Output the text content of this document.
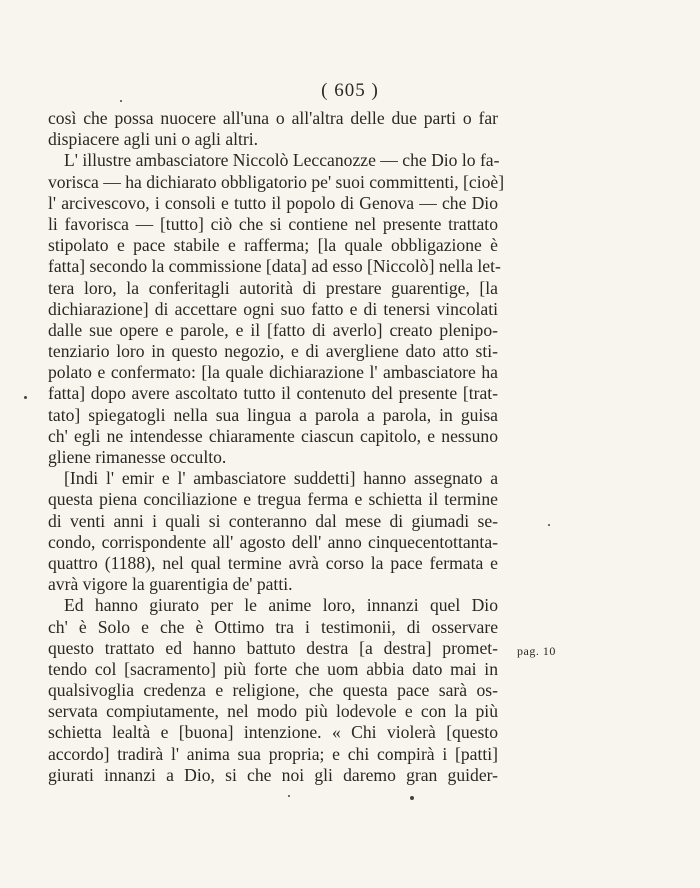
( 605 )
così che possa nuocere all'una o all'altra delle due parti o far
dispiacere agli uni o agli altri.
L' illustre ambasciatore Niccolò Leccanozze — che Dio lo fa-
vorisca — ha dichiarato obbligatorio pe' suoi committenti, [cioè]
l' arcivescovo, i consoli e tutto il popolo di Genova — che Dio
li favorisca — [tutto] ciò che si contiene nel presente trattato
stipolato e pace stabile e rafferma; [la quale obbligazione è
fatta] secondo la commissione [data] ad esso [Niccolò] nella let-
tera loro, la conferitagli autorità di prestare guarentige, [la
dichiarazione] di accettare ogni suo fatto e di tenersi vincolati
dalle sue opere e parole, e il [fatto di averlo] creato plenipo-
tenziario loro in questo negozio, e di avergliene dato atto sti-
polato e confermato: [la quale dichiarazione l' ambasciatore ha
fatta] dopo avere ascoltato tutto il contenuto del presente [trat-
tato] spiegatogli nella sua lingua a parola a parola, in guisa
ch' egli ne intendesse chiaramente ciascun capitolo, e nessuno
gliene rimanesse occulto.
[Indi l' emir e l' ambasciatore suddetti] hanno assegnato a
questa piena conciliazione e tregua ferma e schietta il termine
di venti anni i quali si conteranno dal mese di giumadi se-
condo, corrispondente all' agosto dell' anno cinquecentottanta-
quattro (1188), nel qual termine avrà corso la pace fermata e
avrà vigore la guarentigia de' patti.
Ed hanno giurato per le anime loro, innanzi quel Dio
ch' è Solo e che è Ottimo tra i testimonii, di osservare
questo trattato ed hanno battuto destra [a destra] promet-
tendo col [sacramento] più forte che uom abbia dato mai in
qualsivoglia credenza e religione, che questa pace sarà os-
servata compiutamente, nel modo più lodevole e con la più
schietta lealtà e [buona] intenzione. « Chi violerà [questo
accordo] tradirà l' anima sua propria; e chi compirà i [patti]
giurati innanzi a Dio, si che noi gli daremo gran guider-
pag. 10
